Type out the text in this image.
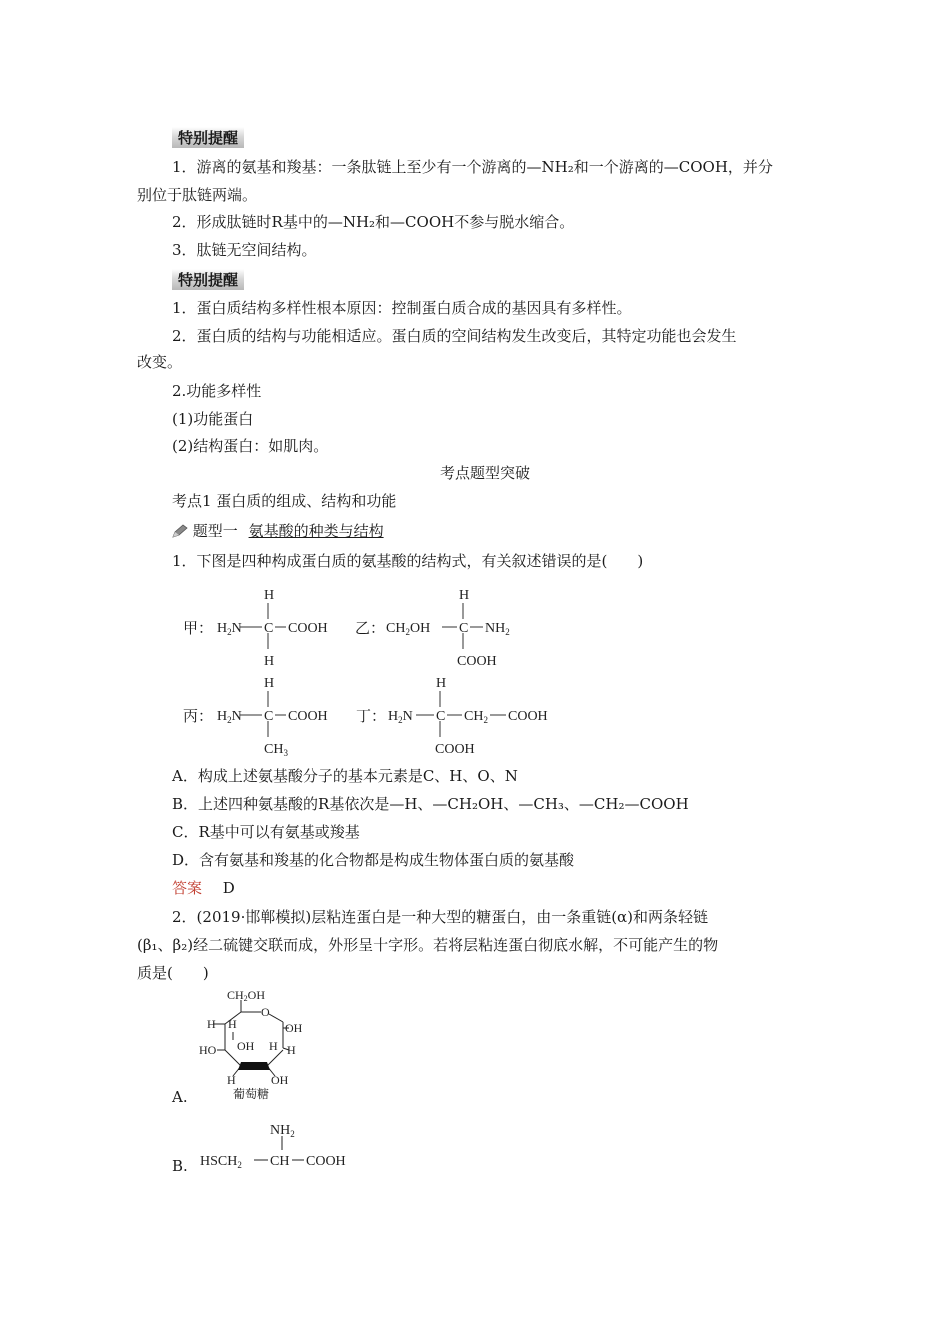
特别提醒
1．游离的氨基和羧基：一条肽链上至少有一个游离的—NH₂和一个游离的—COOH，并分
别位于肽链两端。
2．形成肽链时R基中的—NH₂和—COOH不参与脱水缩合。
3．肽链无空间结构。
特别提醒
1．蛋白质结构多样性根本原因：控制蛋白质合成的基因具有多样性。
2．蛋白质的结构与功能相适应。蛋白质的空间结构发生改变后，其特定功能也会发生
改变。
2.功能多样性
(1)功能蛋白
(2)结构蛋白：如肌肉。
考点题型突破
考点1 蛋白质的组成、结构和功能
题型一 氨基酸的种类与结构
1．下图是四种构成蛋白质的氨基酸的结构式，有关叙述错误的是(　　)
H
C
H
$H_2N$	COOH
H
C
$CH_2OH$	$NH_2$
COOH
H
C
$H_2N$	COOH
$CH_3$
H
C
$H_2N$	$CH_2$ COOH
COOH
甲：	乙：
丙：	丁：
A．构成上述氨基酸分子的基本元素是C、H、O、N
B．上述四种氨基酸的R基依次是—H、—CH₂OH、—CH₃、—CH₂—COOH
C．R基中可以有氨基或羧基
D．含有氨基和羧基的化合物都是构成生物体蛋白质的氨基酸
答案 D
2．(2019·邯郸模拟)层粘连蛋白是一种大型的糖蛋白，由一条重链(α)和两条轻链
(β₁、β₂)经二硫键交联而成，外形呈十字形。若将层粘连蛋白彻底水解，不可能产生的物
质是(　　)
CH2OH
O
H H	OH
OH
HO	H H
H	OH
葡萄糖
A.
$NH_2$
$HSCH_2$ CH COOH
B.
